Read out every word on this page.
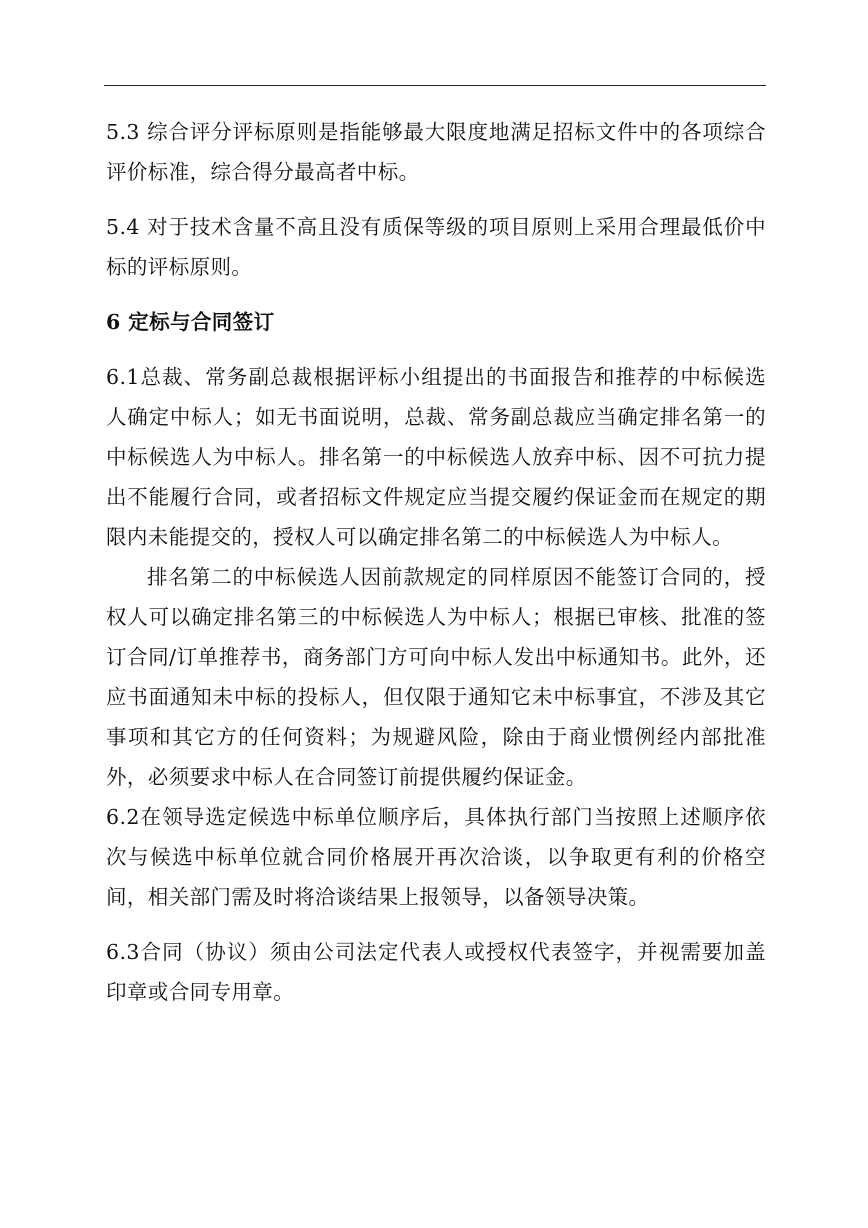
5.3 综合评分评标原则是指能够最大限度地满足招标文件中的各项综合评价标准，综合得分最高者中标。

5.4 对于技术含量不高且没有质保等级的项目原则上采用合理最低价中标的评标原则。

6 定标与合同签订

6.1总裁、常务副总裁根据评标小组提出的书面报告和推荐的中标候选人确定中标人；如无书面说明，总裁、常务副总裁应当确定排名第一的中标候选人为中标人。排名第一的中标候选人放弃中标、因不可抗力提出不能履行合同，或者招标文件规定应当提交履约保证金而在规定的期限内未能提交的，授权人可以确定排名第二的中标候选人为中标人。

排名第二的中标候选人因前款规定的同样原因不能签订合同的，授权人可以确定排名第三的中标候选人为中标人；根据已审核、批准的签订合同/订单推荐书，商务部门方可向中标人发出中标通知书。此外，还应书面通知未中标的投标人，但仅限于通知它未中标事宜，不涉及其它事项和其它方的任何资料；为规避风险，除由于商业惯例经内部批准外，必须要求中标人在合同签订前提供履约保证金。

6.2在领导选定候选中标单位顺序后，具体执行部门当按照上述顺序依次与候选中标单位就合同价格展开再次洽谈，以争取更有利的价格空间，相关部门需及时将洽谈结果上报领导，以备领导决策。

6.3合同（协议）须由公司法定代表人或授权代表签字，并视需要加盖印章或合同专用章。
